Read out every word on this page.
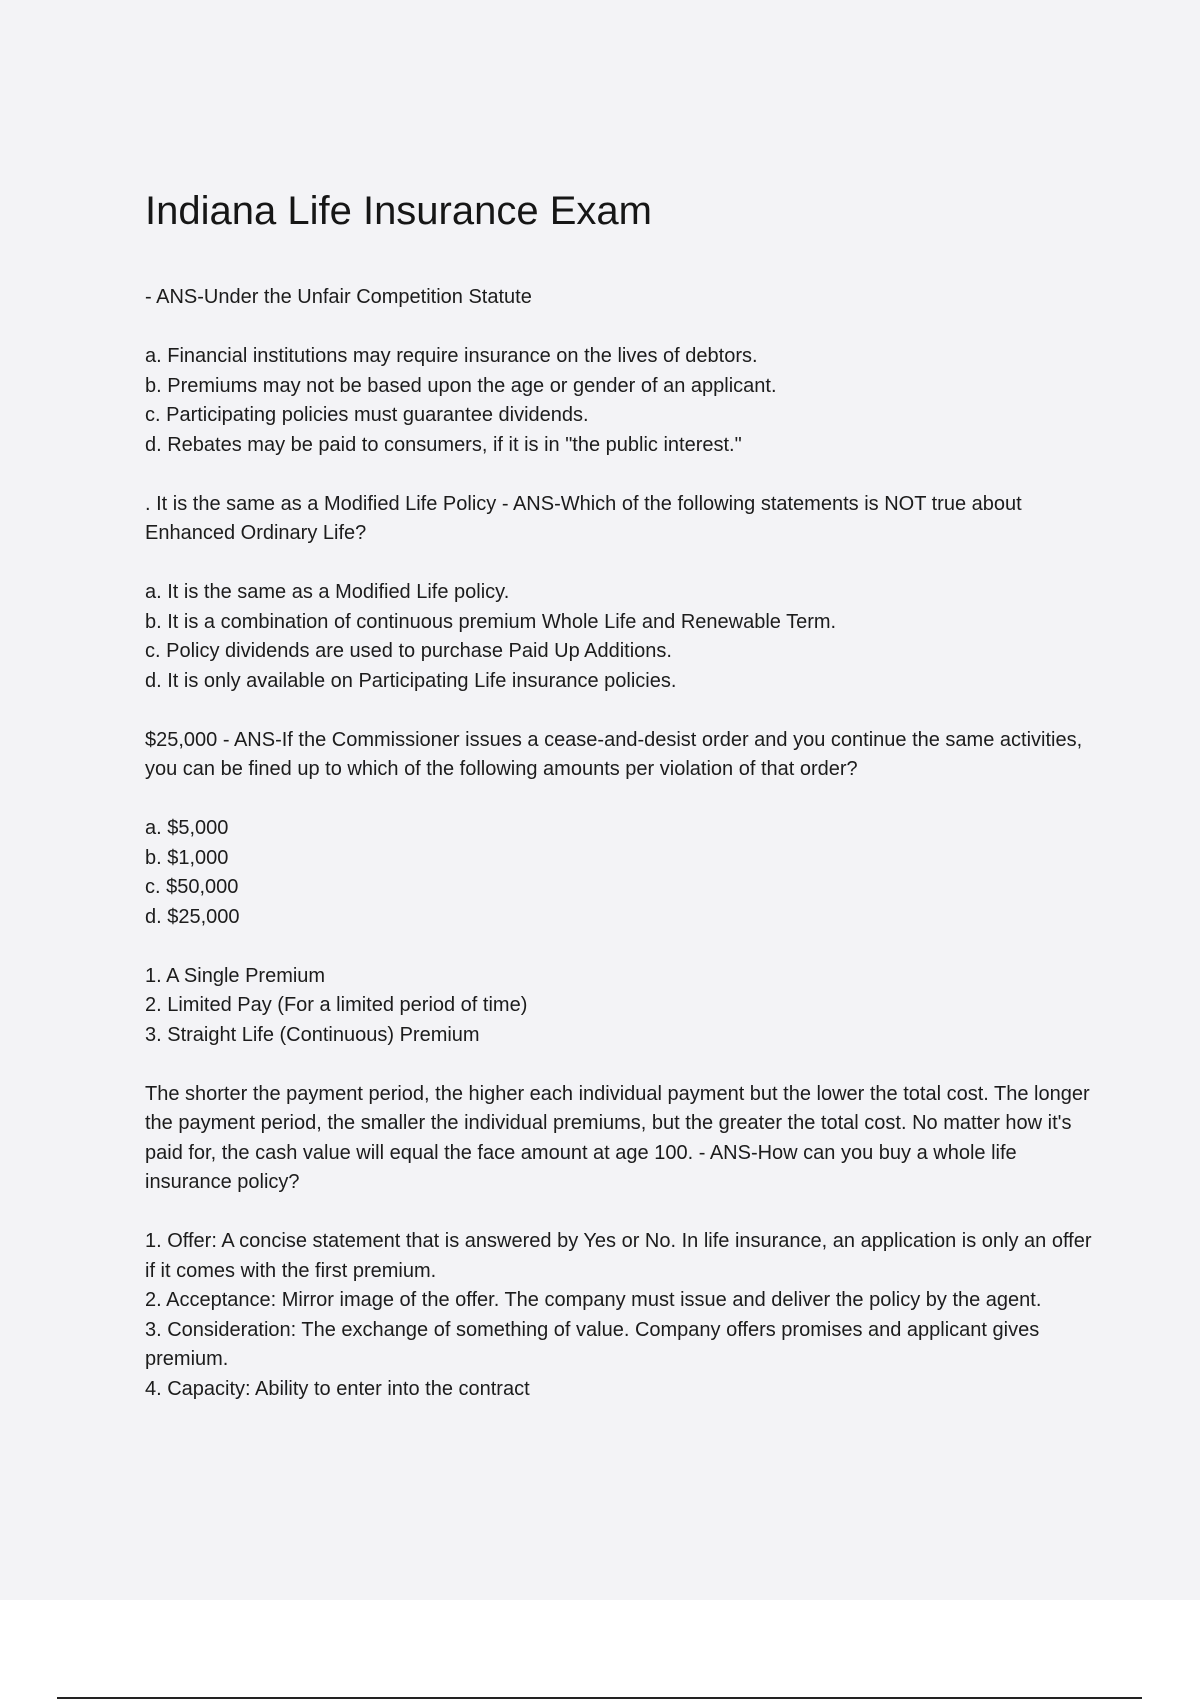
Indiana Life Insurance Exam
- ANS-Under the Unfair Competition Statute
a. Financial institutions may require insurance on the lives of debtors.
b. Premiums may not be based upon the age or gender of an applicant.
c. Participating policies must guarantee dividends.
d. Rebates may be paid to consumers, if it is in "the public interest."
. It is the same as a Modified Life Policy - ANS-Which of the following statements is NOT true about Enhanced Ordinary Life?
a. It is the same as a Modified Life policy.
b. It is a combination of continuous premium Whole Life and Renewable Term.
c. Policy dividends are used to purchase Paid Up Additions.
d. It is only available on Participating Life insurance policies.
$25,000 - ANS-If the Commissioner issues a cease-and-desist order and you continue the same activities, you can be fined up to which of the following amounts per violation of that order?
a. $5,000
b. $1,000
c. $50,000
d. $25,000
1. A Single Premium
2. Limited Pay (For a limited period of time)
3. Straight Life (Continuous) Premium
The shorter the payment period, the higher each individual payment but the lower the total cost. The longer the payment period, the smaller the individual premiums, but the greater the total cost. No matter how it's paid for, the cash value will equal the face amount at age 100. - ANS-How can you buy a whole life insurance policy?
1. Offer: A concise statement that is answered by Yes or No. In life insurance, an application is only an offer if it comes with the first premium.
2. Acceptance: Mirror image of the offer. The company must issue and deliver the policy by the agent.
3. Consideration: The exchange of something of value. Company offers promises and applicant gives premium.
4. Capacity: Ability to enter into the contract
